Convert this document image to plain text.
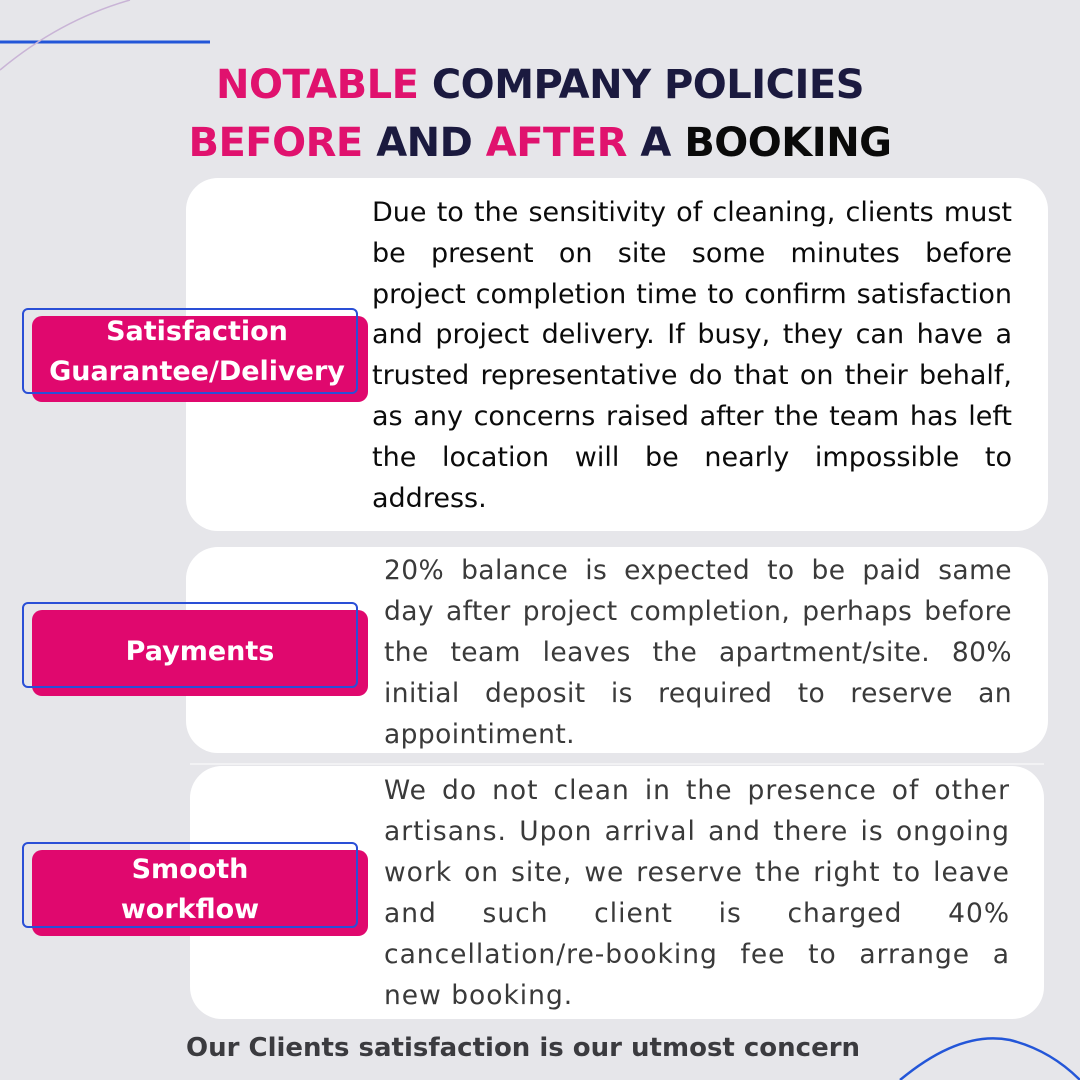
NOTABLE COMPANY POLICIES
BEFORE AND AFTER A BOOKING
Due to the sensitivity of cleaning, clients must be present on site some minutes before project completion time to confirm satisfaction and project delivery. If busy, they can have a trusted representative do that on their behalf, as any concerns raised after the team has left the location will be nearly impossible to address.
Satisfaction
Guarantee/Delivery
20% balance is expected to be paid same day after project completion, perhaps before the team leaves the apartment/site. 80% initial deposit is required to reserve an appointiment.
Payments
We do not clean in the presence of other artisans. Upon arrival and there is ongoing work on site, we reserve the right to leave and such client is charged 40% cancellation/re-booking fee to arrange a new booking.
Smooth
workflow
Our Clients satisfaction is our utmost concern
